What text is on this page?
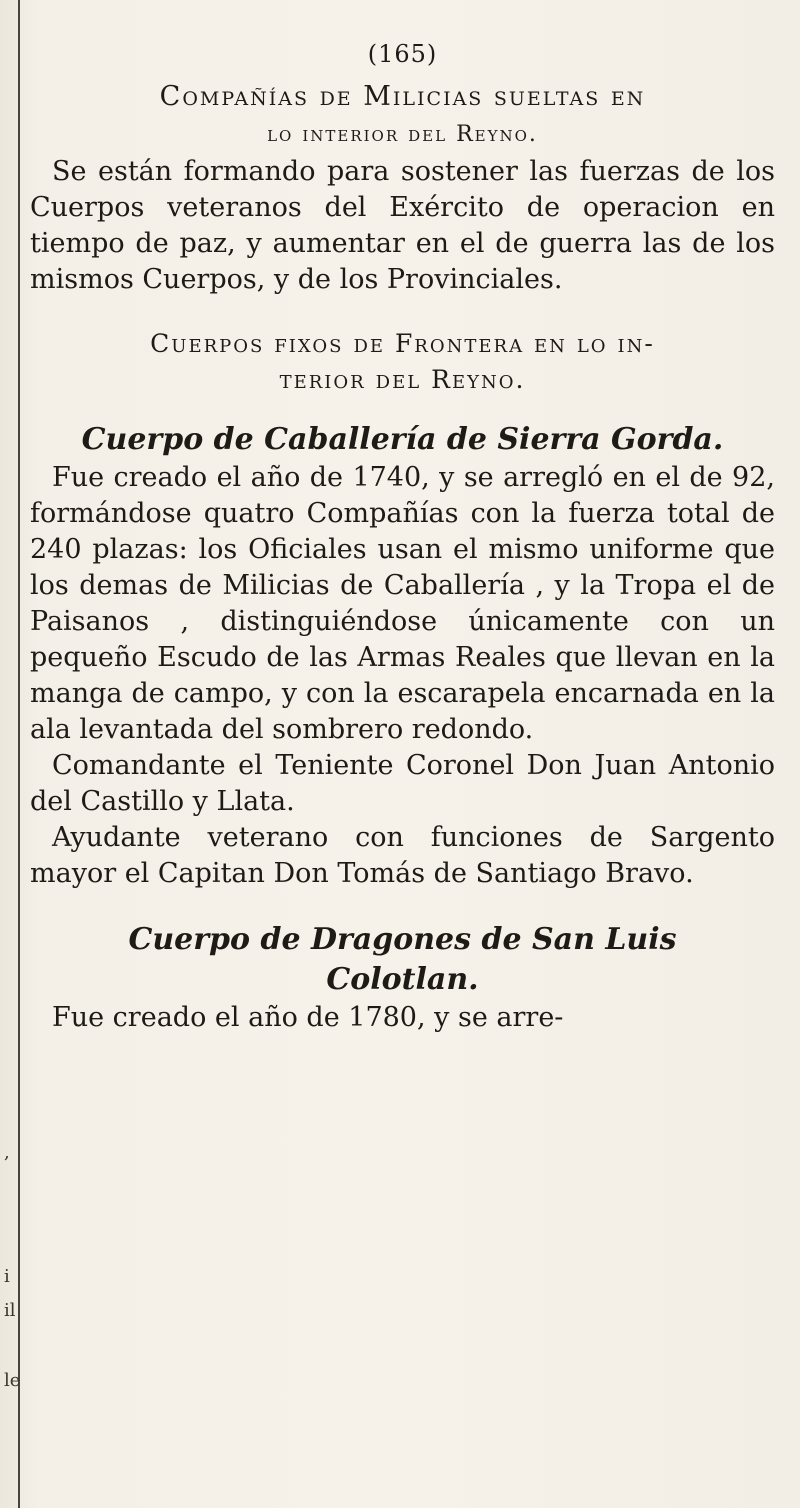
,
i
il
le

(165)

Compañías de Milicias sueltas en

lo interior del Reyno.

Se están formando para sostener las fuerzas de los Cuerpos veteranos del Exército de operacion en tiempo de paz, y aumentar en el de guerra las de los mismos Cuerpos, y de los Provinciales.

Cuerpos fixos de Frontera en lo in-

terior del Reyno.

Cuerpo de Caballería de Sierra Gorda.

Fue creado el año de 1740, y se arregló en el de 92, formándose quatro Compañías con la fuerza total de 240 plazas: los Oficiales usan el mismo uniforme que los demas de Milicias de Caballería , y la Tropa el de Paisanos , distinguiéndose únicamente con un pequeño Escudo de las Armas Reales que llevan en la manga de campo, y con la escarapela encarnada en la ala levantada del sombrero redondo.

Comandante el Teniente Coronel Don Juan Antonio del Castillo y Llata.

Ayudante veterano con funciones de Sargento mayor el Capitan Don Tomás de Santiago Bravo.

Cuerpo de Dragones de San Luis

Colotlan.

Fue creado el año de 1780, y se arre-
